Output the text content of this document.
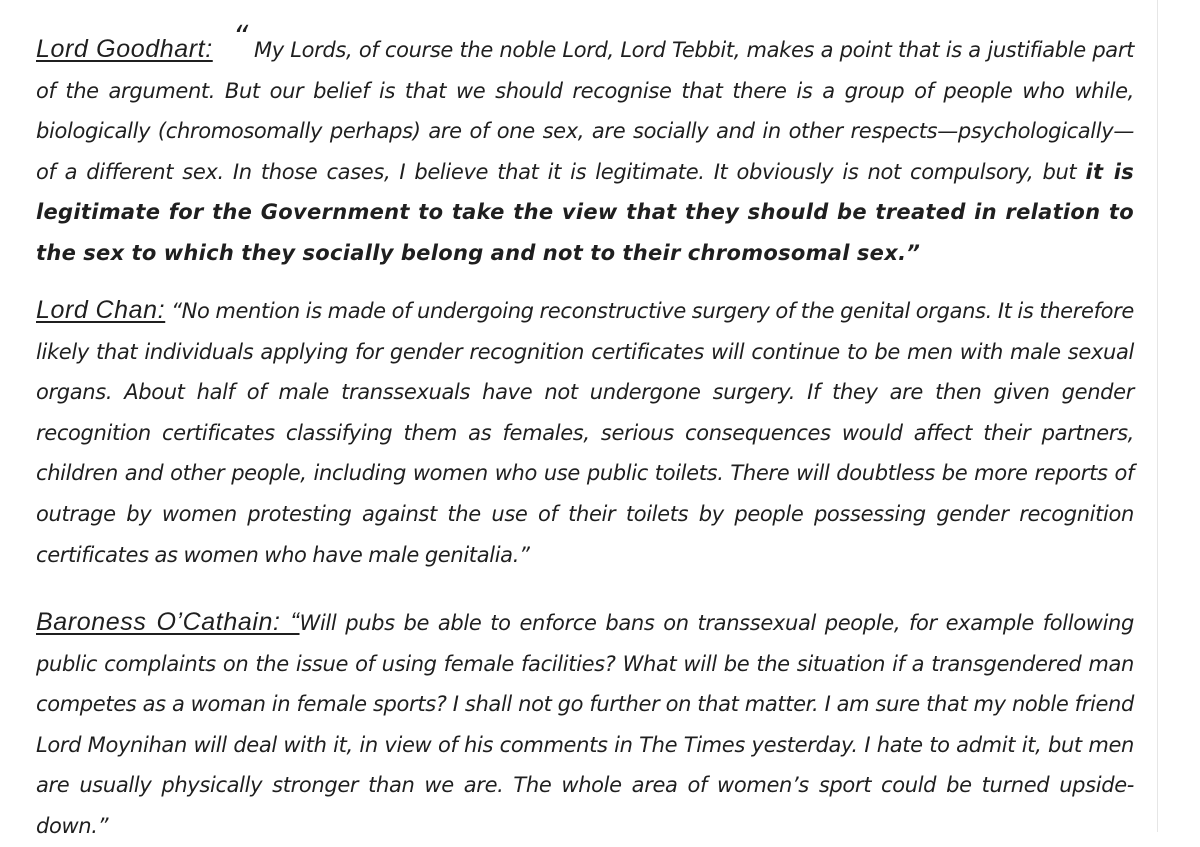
Lord Goodhart: “ My Lords, of course the noble Lord, Lord Tebbit, makes a point that is a justifiable part of the argument. But our belief is that we should recognise that there is a group of people who while, biologically (chromosomally perhaps) are of one sex, are socially and in other respects—psychologically— of a different sex. In those cases, I believe that it is legitimate. It obviously is not compulsory, but it is legitimate for the Government to take the view that they should be treated in relation to the sex to which they socially belong and not to their chromosomal sex.”

Lord Chan: “No mention is made of undergoing reconstructive surgery of the genital organs. It is therefore likely that individuals applying for gender recognition certificates will continue to be men with male sexual organs. About half of male transsexuals have not undergone surgery. If they are then given gender recognition certificates classifying them as females, serious consequences would affect their partners, children and other people, including women who use public toilets. There will doubtless be more reports of outrage by women protesting against the use of their toilets by people possessing gender recognition certificates as women who have male genitalia.”

Baroness O’Cathain: “Will pubs be able to enforce bans on transsexual people, for example following public complaints on the issue of using female facilities? What will be the situation if a transgendered man competes as a woman in female sports? I shall not go further on that matter. I am sure that my noble friend Lord Moynihan will deal with it, in view of his comments in The Times yesterday. I hate to admit it, but men are usually physically stronger than we are. The whole area of women’s sport could be turned upside-down.”
